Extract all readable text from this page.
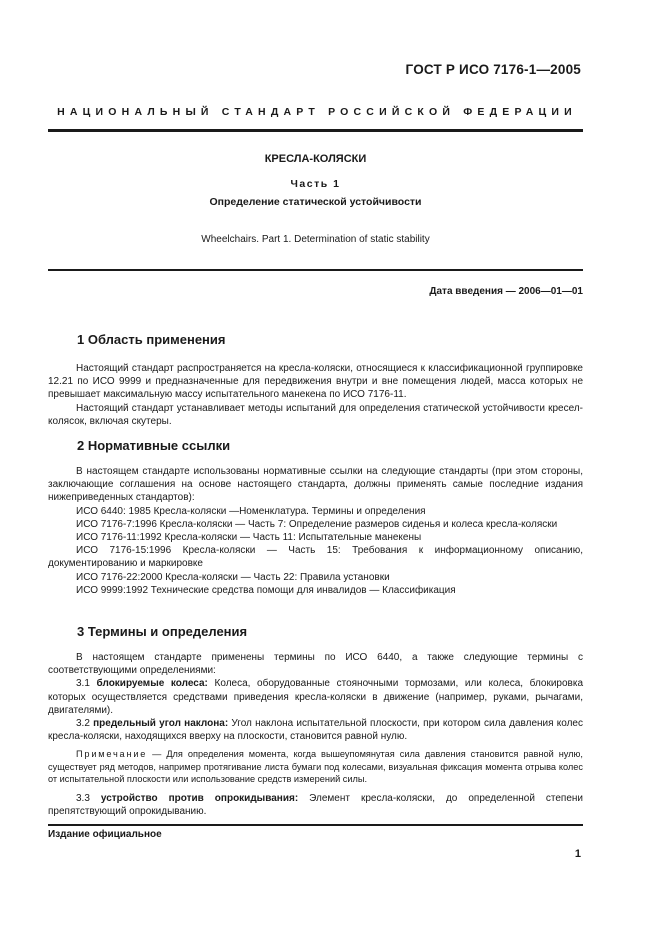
ГОСТ Р ИСО 7176-1—2005
НАЦИОНАЛЬНЫЙ СТАНДАРТ РОССИЙСКОЙ ФЕДЕРАЦИИ
КРЕСЛА-КОЛЯСКИ
Часть 1
Определение статической устойчивости
Wheelchairs. Part 1. Determination of static stability
Дата введения — 2006—01—01
1 Область применения

Настоящий стандарт распространяется на кресла-коляски, относящиеся к классификационной группировке 12.21 по ИСО 9999 и предназначенные для передвижения внутри и вне помещения людей, масса которых не превышает максимальную массу испытательного манекена по ИСО 7176-11.

Настоящий стандарт устанавливает методы испытаний для определения статической устойчивости кресел-колясок, включая скутеры.

2 Нормативные ссылки

В настоящем стандарте использованы нормативные ссылки на следующие стандарты (при этом стороны, заключающие соглашения на основе настоящего стандарта, должны применять самые последние издания нижеприведенных стандартов):

ИСО 6440: 1985 Кресла-коляски —Номенклатура. Термины и определения

ИСО 7176-7:1996 Кресла-коляски — Часть 7: Определение размеров сиденья и колеса кресла-коляски

ИСО 7176-11:1992 Кресла-коляски — Часть 11: Испытательные манекены

ИСО 7176-15:1996 Кресла-коляски — Часть 15: Требования к информационному описанию, документированию и маркировке

ИСО 7176-22:2000 Кресла-коляски — Часть 22: Правила установки

ИСО 9999:1992 Технические средства помощи для инвалидов — Классификация

3 Термины и определения

В настоящем стандарте применены термины по ИСО 6440, а также следующие термины с соответствующими определениями:

3.1 блокируемые колеса: Колеса, оборудованные стояночными тормозами, или колеса, блокировка которых осуществляется средствами приведения кресла-коляски в движение (например, руками, рычагами, двигателями).

3.2 предельный угол наклона: Угол наклона испытательной плоскости, при котором сила давления колес кресла-коляски, находящихся вверху на плоскости, становится равной нулю.

Примечание — Для определения момента, когда вышеупомянутая сила давления становится равной нулю, существует ряд методов, например протягивание листа бумаги под колесами, визуальная фиксация момента отрыва колес от испытательной плоскости или использование средств измерений силы.

3.3 устройство против опрокидывания: Элемент кресла-коляски, до определенной степени препятствующий опрокидыванию.

Издание официальное
1
